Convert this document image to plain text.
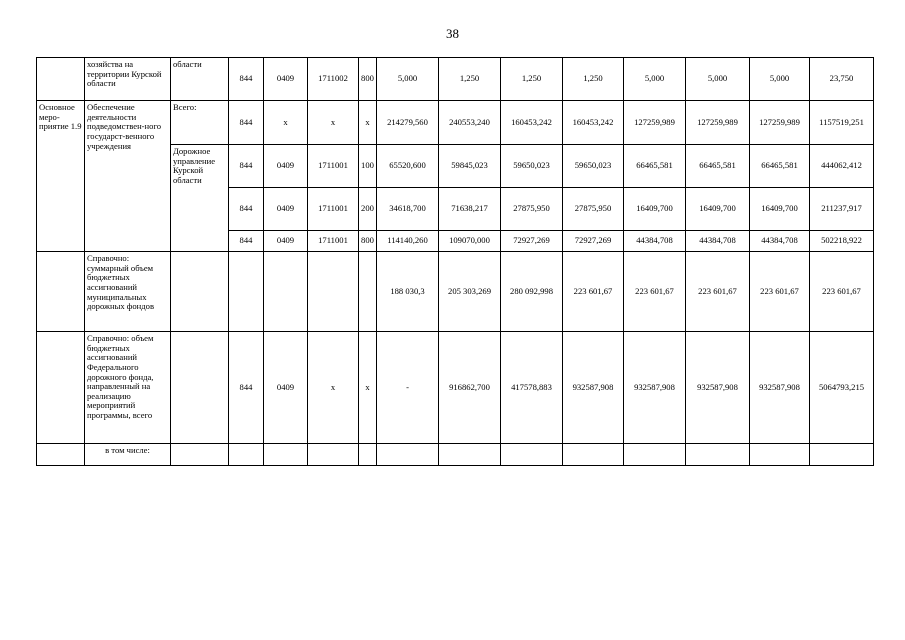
38
	хозяйства на территории Курской области	области	844	0409	1711002	800	5,000	1,250	1,250	1,250	5,000	5,000	5,000	23,750
Основное меро-приятие 1.9	Обеспечение деятельности подведомствен-ного государст-венного учреждения	Всего:	844	x	x	x	214279,560	240553,240	160453,242	160453,242	127259,989	127259,989	127259,989	1157519,251
		Дорожное управление Курской области	844	0409	1711001	100	65520,600	59845,023	59650,023	59650,023	66465,581	66465,581	66465,581	444062,412
			844	0409	1711001	200	34618,700	71638,217	27875,950	27875,950	16409,700	16409,700	16409,700	211237,917
			844	0409	1711001	800	114140,260	109070,000	72927,269	72927,269	44384,708	44384,708	44384,708	502218,922
	Справочно: суммарный объем бюджетных ассигнований муниципальных дорожных фондов						188 030,3	205 303,269	280 092,998	223 601,67	223 601,67	223 601,67	223 601,67	223 601,67
	Справочно: объем бюджетных ассигнований Федерального дорожного фонда, направленный на реализацию мероприятий программы, всего		844	0409	x	x	-	916862,700	417578,883	932587,908	932587,908	932587,908	932587,908	5064793,215
	в том числе:													
